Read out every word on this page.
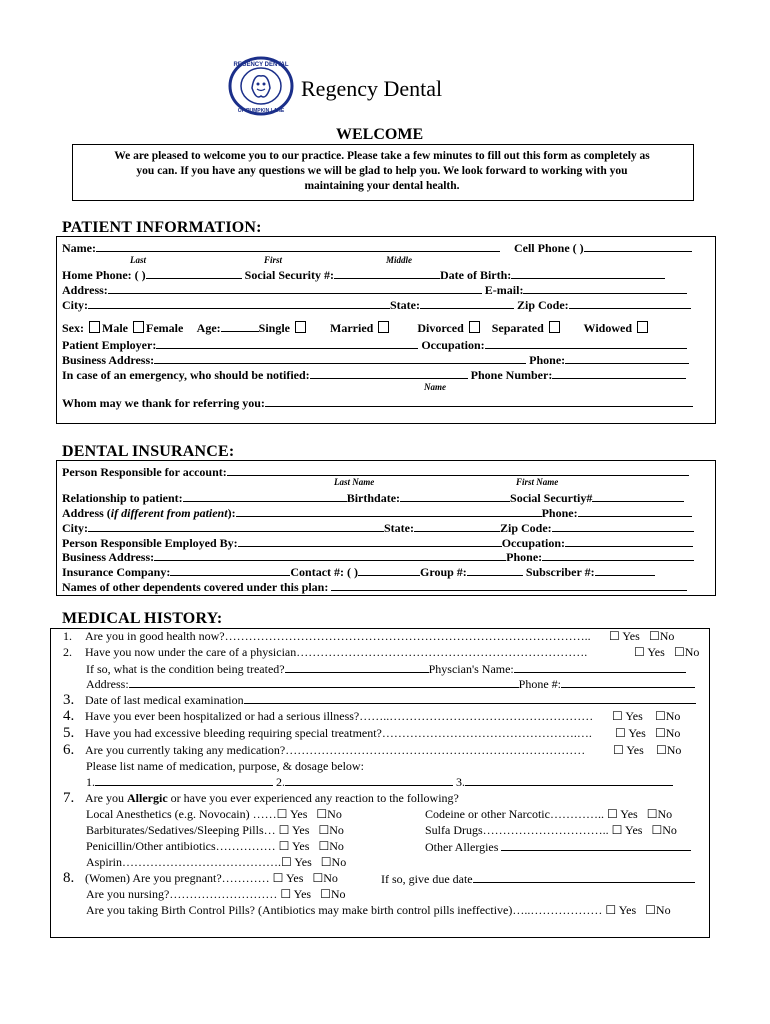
REGENCY DENTAL
OF PUMPKIN LANE
Regency Dental
WELCOME
We are pleased to welcome you to our practice. Please take a few minutes to fill out this form as completely as
you can. If you have any questions we will be glad to help you. We look forward to working with you
maintaining your dental health.
PATIENT INFORMATION:
Name:	Cell Phone ( )
Last	First	Middle
Home Phone: ( )	Social Security #:	Date of Birth:
Address:	E-mail:
City:	State:	Zip Code:
Sex: Male Female Age:	Single	Married	Divorced Separated	Widowed
Patient Employer:	Occupation:
Business Address:	Phone:
In case of an emergency, who should be notified:	Phone Number:
Name
Whom may we thank for referring you:
DENTAL INSURANCE:
Person Responsible for account:
Last Name	First Name
Relationship to patient:	Birthdate:	Social Securtiy#
Address (if different from patient):	Phone:
City:	State:	Zip Code:
Person Responsible Employed By:	Occupation:
Business Address:	Phone:
Insurance Company:	Contact #: ( )	Group #:	Subscriber #:
Names of other dependents covered under this plan:
MEDICAL HISTORY:
1. Are you in good health now?……………………………………………………………………………….. ☐ Yes ☐No
2. Have you now under the care of a physician……………………………………………………………….	☐ Yes ☐No
If so, what is the condition being treated?	Physcian's Name:
Address:	Phone #:
3. Date of last medical examination
4. Have you ever been hospitalized or had a serious illness?……..…………………………………………… ☐ Yes ☐No
5. Have you had excessive bleeding requiring special treatment?………………………………………….…. ☐ Yes ☐No
6. Are you currently taking any medication?………………………………………………………………… ☐ Yes ☐No
Please list name of medication, purpose, & dosage below:
1.	2.	3.
7. Are you Allergic or have you ever experienced any reaction to the following?
Local Anesthetics (e.g. Novocain) ……☐ Yes ☐No	Codeine or other Narcotic………….. ☐ Yes ☐No
Barbiturates/Sedatives/Sleeping Pills… ☐ Yes ☐No	Sulfa Drugs………………………….. ☐ Yes ☐No
Penicillin/Other antibiotics…………… ☐ Yes ☐No	Other Allergies
Aspirin………………………………….☐ Yes ☐No
8. (Women) Are you pregnant?………… ☐ Yes ☐No	If so, give due date
Are you nursing?……………………… ☐ Yes ☐No
Are you taking Birth Control Pills? (Antibiotics may make birth control pills ineffective)…..……………… ☐ Yes ☐No
